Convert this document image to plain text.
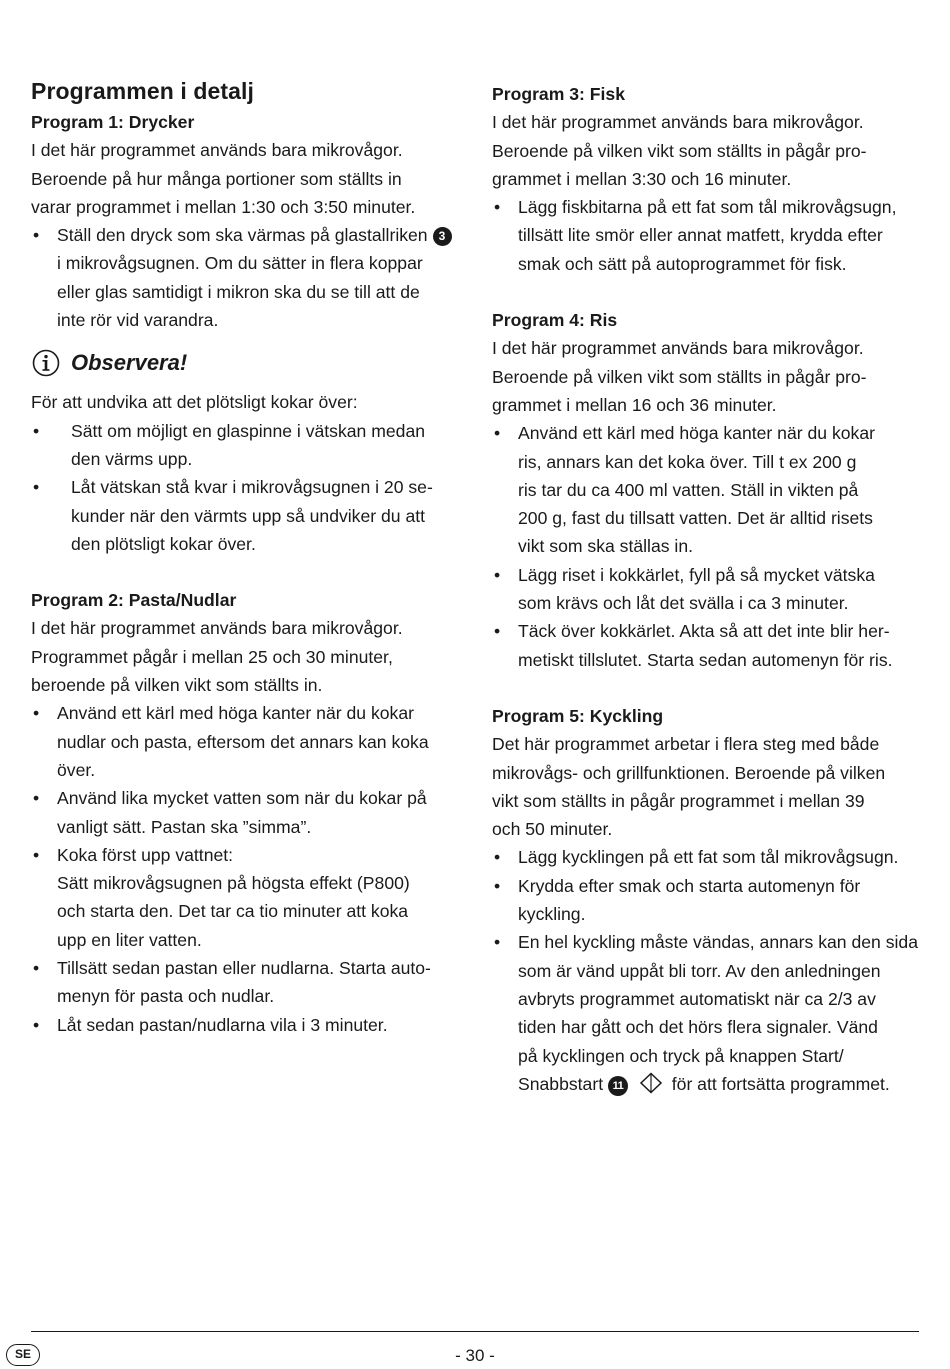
Programmen i detalj
Program 1: Drycker

I det här programmet används bara mikrovågor.
Beroende på hur många portioner som ställts in
varar programmet i mellan 1:30 och 3:50 minuter.

• Ställ den dryck som ska värmas på glastallriken 3
i mikrovågsugnen. Om du sätter in flera koppar
eller glas samtidigt i mikron ska du se till att de
inte rör vid varandra.
Observera!

För att undvika att det plötsligt kokar över:

• Sätt om möjligt en glaspinne i vätskan medan
den värms upp.
• Låt vätskan stå kvar i mikrovågsugnen i 20 se-
kunder när den värmts upp så undviker du att
den plötsligt kokar över.
Program 2: Pasta/Nudlar

I det här programmet används bara mikrovågor.
Programmet pågår i mellan 25 och 30 minuter,
beroende på vilken vikt som ställts in.

• Använd ett kärl med höga kanter när du kokar
nudlar och pasta, eftersom det annars kan koka
över.
• Använd lika mycket vatten som när du kokar på
vanligt sätt. Pastan ska ”simma”.
• Koka först upp vattnet:
Sätt mikrovågsugnen på högsta effekt (P800)
och starta den. Det tar ca tio minuter att koka
upp en liter vatten.
• Tillsätt sedan pastan eller nudlarna. Starta auto-
menyn för pasta och nudlar.
• Låt sedan pastan/nudlarna vila i 3 minuter.
Program 3: Fisk

I det här programmet används bara mikrovågor.
Beroende på vilken vikt som ställts in pågår pro-
grammet i mellan 3:30 och 16 minuter.

• Lägg fiskbitarna på ett fat som tål mikrovågsugn,
tillsätt lite smör eller annat matfett, krydda efter
smak och sätt på autoprogrammet för fisk.
Program 4: Ris

I det här programmet används bara mikrovågor.
Beroende på vilken vikt som ställts in pågår pro-
grammet i mellan 16 och 36 minuter.

• Använd ett kärl med höga kanter när du kokar
ris, annars kan det koka över. Till t ex 200 g
ris tar du ca 400 ml vatten. Ställ in vikten på
200 g, fast du tillsatt vatten. Det är alltid risets
vikt som ska ställas in.
• Lägg riset i kokkärlet, fyll på så mycket vätska
som krävs och låt det svälla i ca 3 minuter.
• Täck över kokkärlet. Akta så att det inte blir her-
metiskt tillslutet. Starta sedan automenyn för ris.
Program 5: Kyckling

Det här programmet arbetar i flera steg med både
mikrovågs- och grillfunktionen. Beroende på vilken
vikt som ställts in pågår programmet i mellan 39
och 50 minuter.

• Lägg kycklingen på ett fat som tål mikrovågsugn.
• Krydda efter smak och starta automenyn för
kyckling.
• En hel kyckling måste vändas, annars kan den sida
som är vänd uppåt bli torr. Av den anledningen
avbryts programmet automatiskt när ca 2/3 av
tiden har gått och det hörs flera signaler. Vänd
på kycklingen och tryck på knappen Start/
Snabbstart 11	för att fortsätta programmet.
SE	- 30 -
